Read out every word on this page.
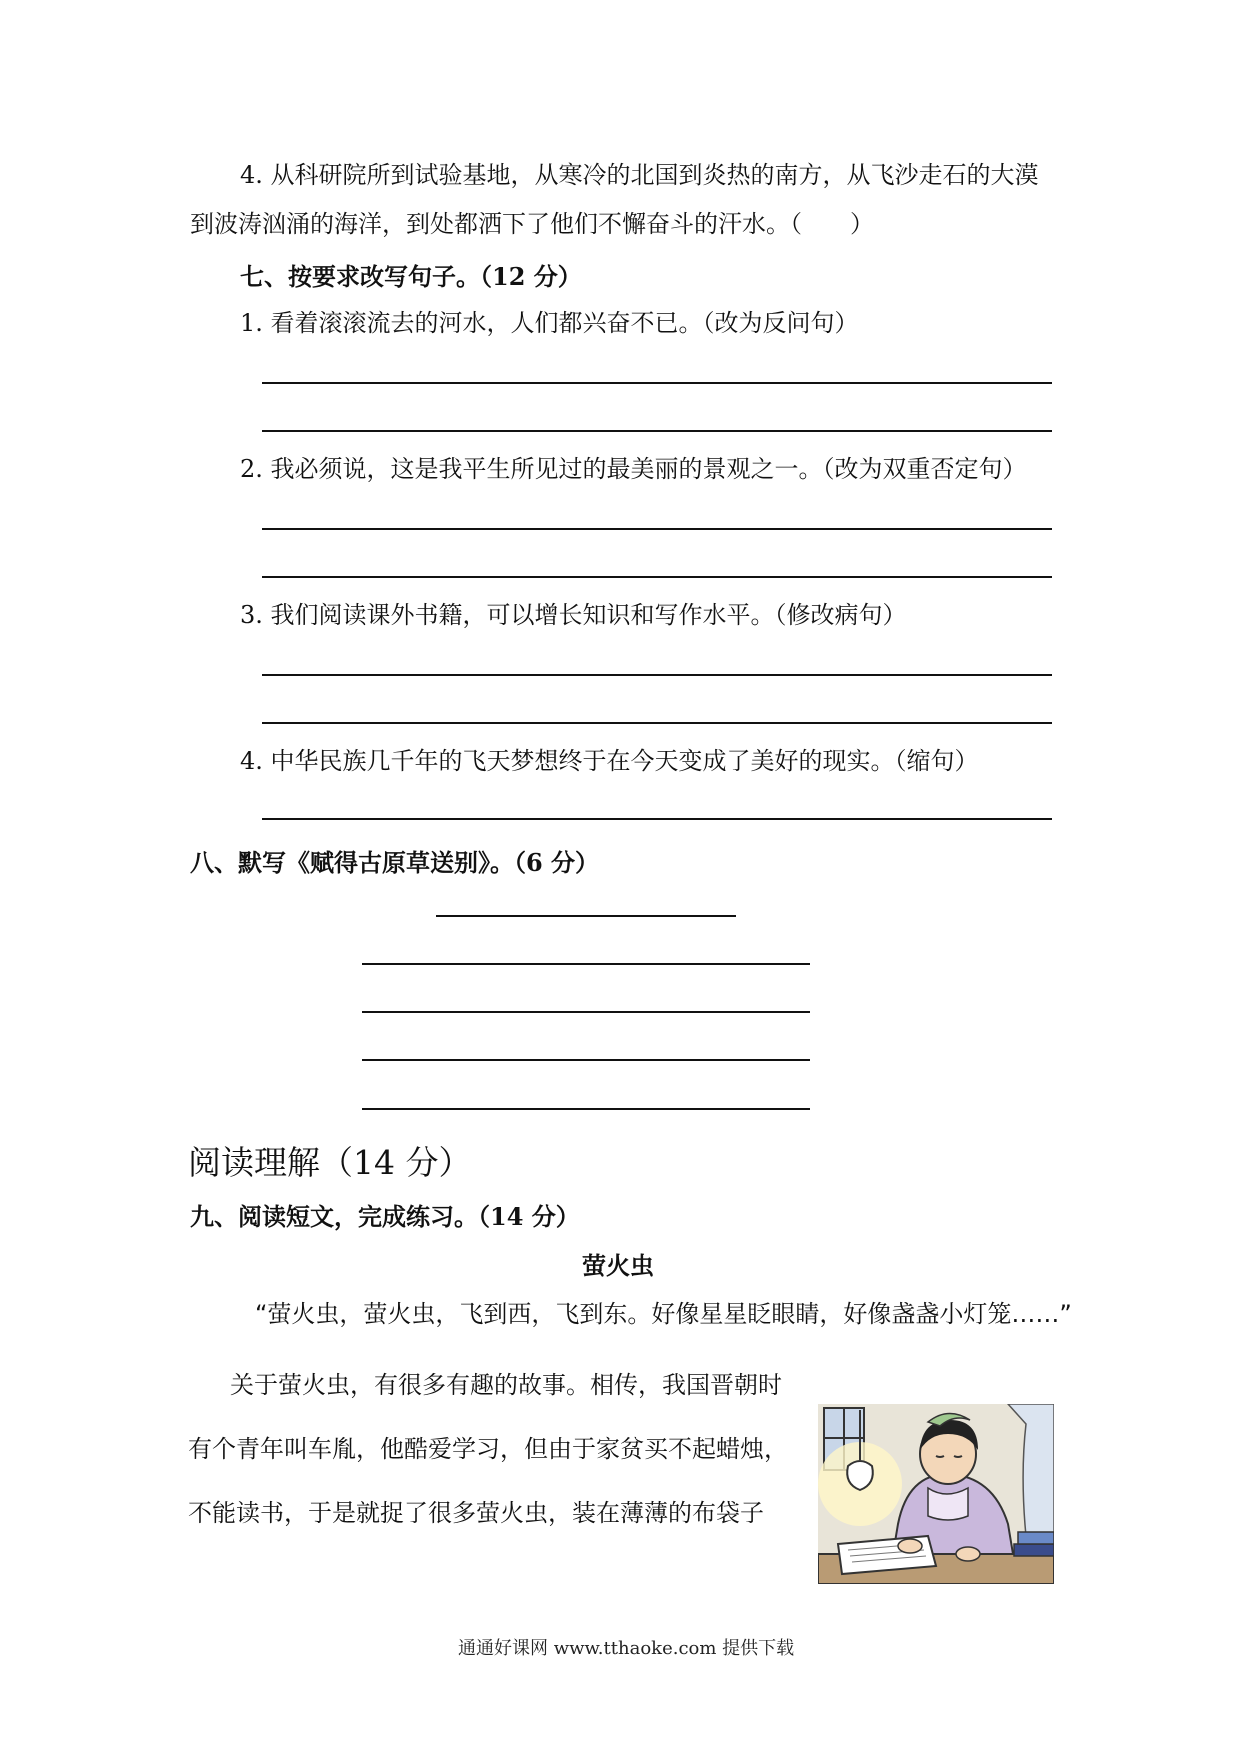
4. 从科研院所到试验基地，从寒冷的北国到炎热的南方，从飞沙走石的大漠
到波涛汹涌的海洋，到处都洒下了他们不懈奋斗的汗水。（　　）
七、按要求改写句子。（12 分）
1. 看着滚滚流去的河水，人们都兴奋不已。（改为反问句）
2. 我必须说，这是我平生所见过的最美丽的景观之一。（改为双重否定句）
3. 我们阅读课外书籍，可以增长知识和写作水平。（修改病句）
4. 中华民族几千年的飞天梦想终于在今天变成了美好的现实。（缩句）
八、默写《赋得古原草送别》。（6 分）
阅读理解（14 分）
九、阅读短文，完成练习。（14 分）
萤火虫
“萤火虫，萤火虫，飞到西，飞到东。好像星星眨眼睛，好像盏盏小灯笼……”
关于萤火虫，有很多有趣的故事。相传，我国晋朝时
有个青年叫车胤，他酷爱学习，但由于家贫买不起蜡烛，
不能读书，于是就捉了很多萤火虫，装在薄薄的布袋子
通通好课网 www.tthaoke.com 提供下载
